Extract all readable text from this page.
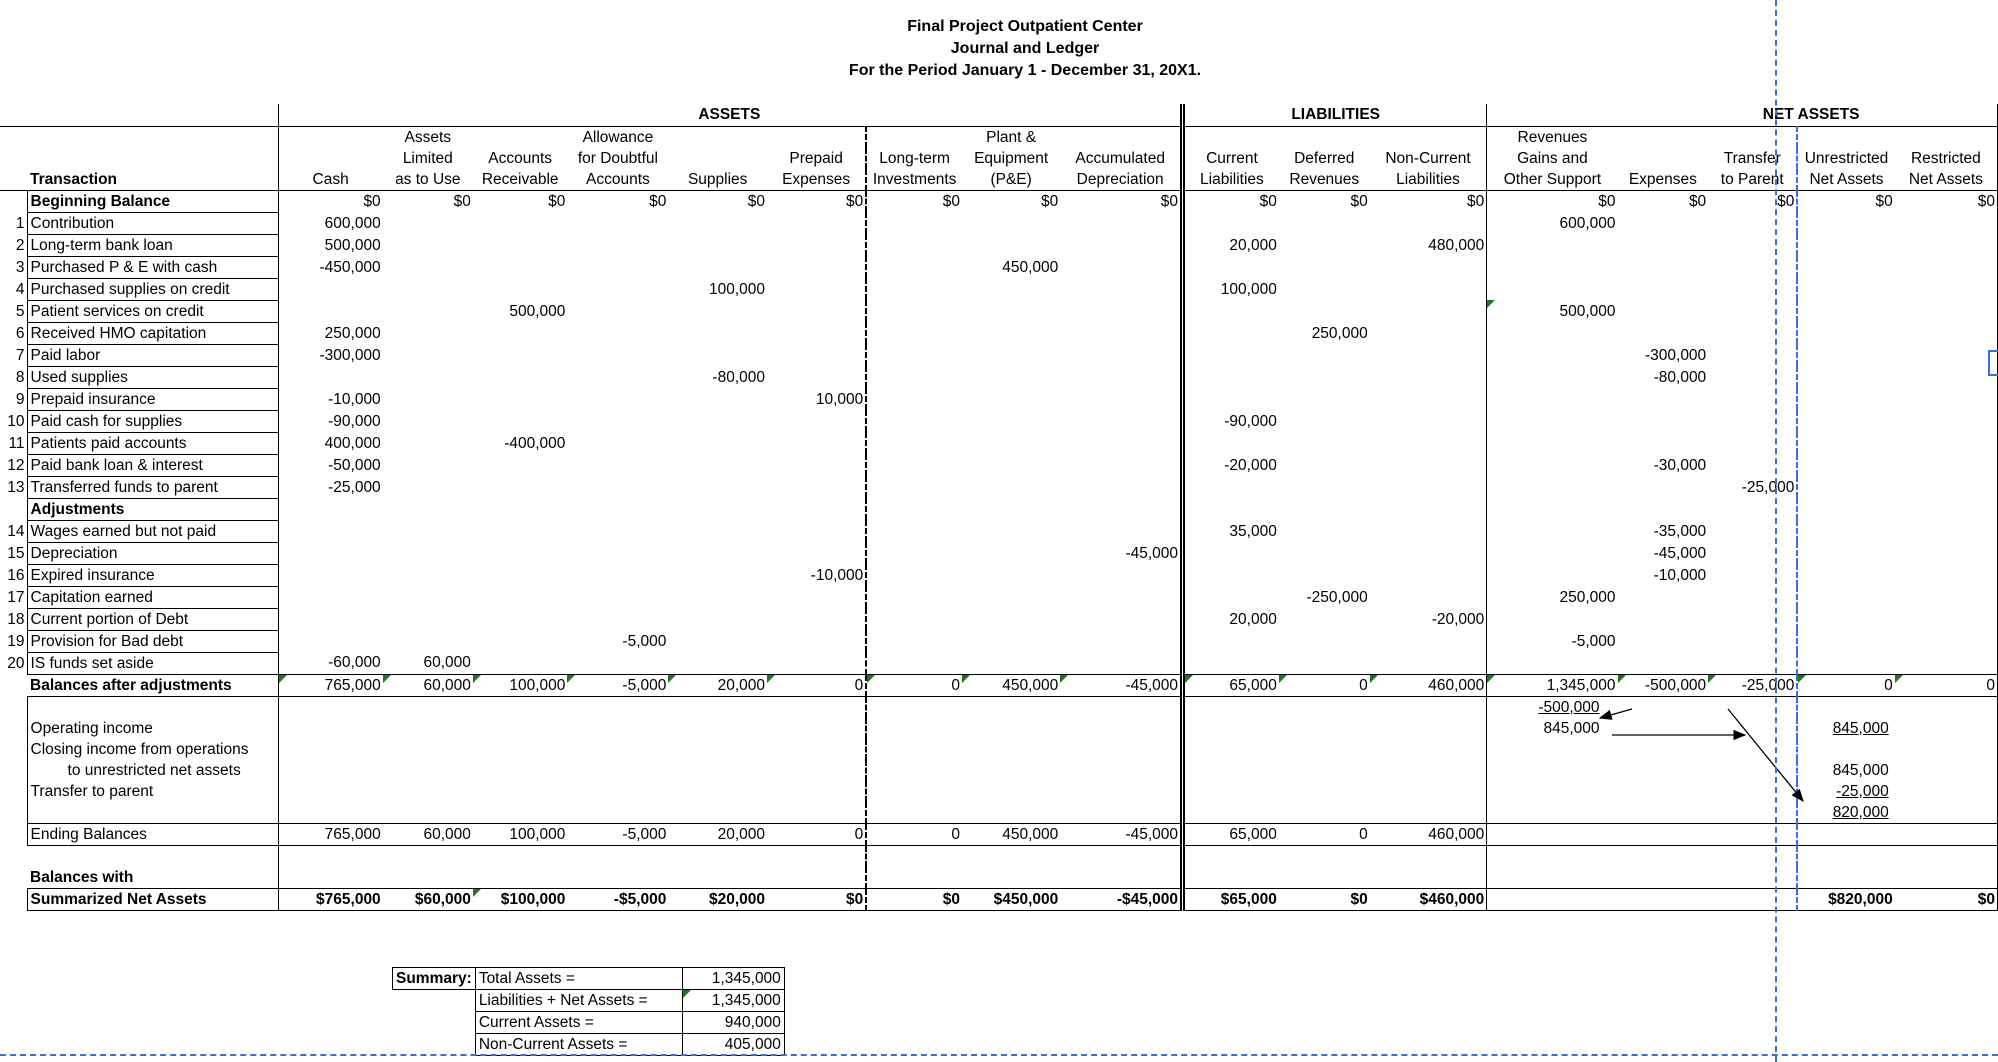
Final Project Outpatient Center
Journal and Ledger
For the Period January 1 - December 31, 20X1.
		ASSETS									LIABILITIES			NET ASSETS				
			Assets		Allowance				Plant &					Revenues				
			Limited	Accounts	for Doubtful		Prepaid	Long-term	Equipment	Accumulated	Current	Deferred	Non-Current	Gains and		Transfer	Unrestricted	Restricted
	Transaction	Cash	as to Use	Receivable	Accounts	Supplies	Expenses	Investments	(P&E)	Depreciation	Liabilities	Revenues	Liabilities	Other Support	Expenses	to Parent	Net Assets	Net Assets
	Beginning Balance	$0	$0	$0	$0	$0	$0	$0	$0	$0	$0	$0	$0	$0	$0	$0	$0	$0
1	Contribution	600,000												600,000				
2	Long-term bank loan	500,000									20,000		480,000					
3	Purchased P & E with cash	-450,000							450,000									
4	Purchased supplies on credit					100,000					100,000							
5	Patient services on credit			500,000										500,000				
6	Received HMO capitation	250,000										250,000						
7	Paid labor	-300,000													-300,000			
8	Used supplies					-80,000									-80,000			
9	Prepaid insurance	-10,000					10,000											
10	Paid cash for supplies	-90,000									-90,000							
11	Patients paid accounts	400,000		-400,000														
12	Paid bank loan & interest	-50,000									-20,000				-30,000			
13	Transferred funds to parent	-25,000														-25,000		
	Adjustments																	
14	Wages earned but not paid										35,000				-35,000			
15	Depreciation									-45,000					-45,000			
16	Expired insurance						-10,000								-10,000			
17	Capitation earned											-250,000		250,000				
18	Current portion of Debt										20,000		-20,000					
19	Provision for Bad debt				-5,000									-5,000				
20	IS funds set aside	-60,000	60,000															
	Balances after adjustments	765,000	60,000	100,000	-5,000	20,000	0	0	450,000	-45,000	65,000	0	460,000	1,345,000	-500,000	-25,000	0	0
														-500,000				
	Operating income													845,000			845,000	
	Closing income from operations																	
	to unrestricted net assets																845,000	
	Transfer to parent																-25,000	
																	820,000	
	Ending Balances	765,000	60,000	100,000	-5,000	20,000	0	0	450,000	-45,000	65,000	0	460,000					

	Balances with																	
	Summarized Net Assets	$765,000	$60,000	$100,000	-$5,000	$20,000	$0	$0	$450,000	-$45,000	$65,000	$0	$460,000				$820,000	$0
Summary:	Total Assets =	1,345,000
	Liabilities + Net Assets =	1,345,000
	Current Assets =	940,000
	Non-Current Assets =	405,000
